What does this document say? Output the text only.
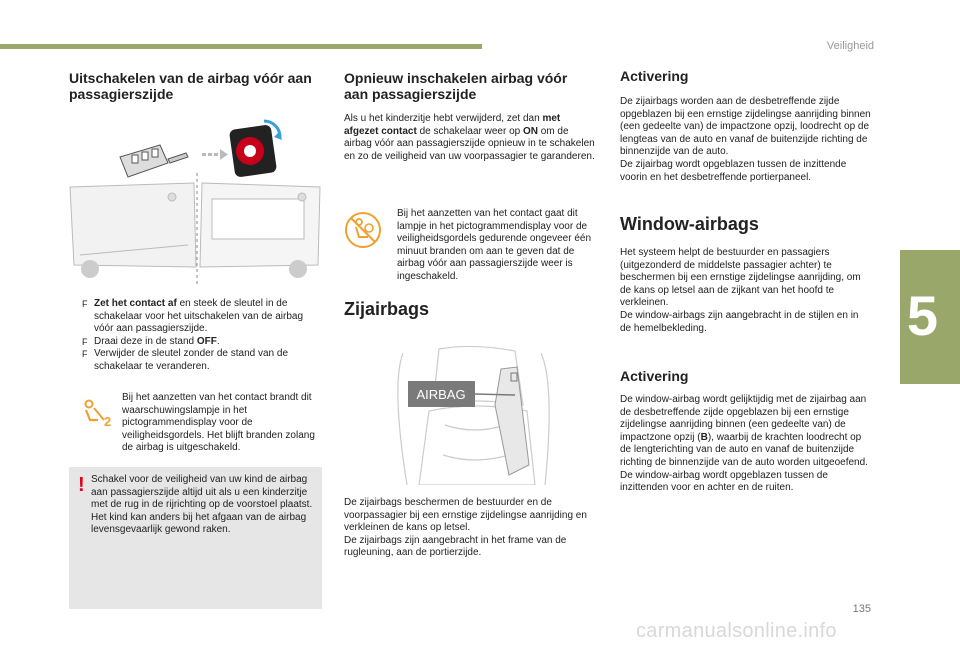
Veiligheid
5
Uitschakelen van de airbag vóór aan passagierszijde
F Zet het contact af en steek de sleutel in de schakelaar voor het uitschakelen van de airbag vóór aan passagierszijde.
F Draai deze in de stand OFF.
F Verwijder de sleutel zonder de stand van de schakelaar te veranderen.
2

Bij het aanzetten van het contact brandt dit waarschuwingslampje in het pictogrammendisplay voor de veiligheidsgordels. Het blijft branden zolang de airbag is uitgeschakeld.

! Schakel voor de veiligheid van uw kind de airbag aan passagierszijde altijd uit als u een kinderzitje met de rug in de rijrichting op de voorstoel plaatst.

Het kind kan anders bij het afgaan van de airbag levensgevaarlijk gewond raken.

Opnieuw inschakelen airbag vóór aan passagierszijde

Als u het kinderzitje hebt verwijderd, zet dan met afgezet contact de schakelaar weer op ON om de airbag vóór aan passagierszijde opnieuw in te schakelen en zo de veiligheid van uw voorpassagier te garanderen.

Bij het aanzetten van het contact gaat dit lampje in het pictogrammendisplay voor de veiligheidsgordels gedurende ongeveer één minuut branden om aan te geven dat de airbag vóór aan passagierszijde weer is ingeschakeld.

Zijairbags
AIRBAG

De zijairbags beschermen de bestuurder en de voorpassagier bij een ernstige zijdelingse aanrijding en verkleinen de kans op letsel.

De zijairbags zijn aangebracht in het frame van de rugleuning, aan de portierzijde.

Activering

De zijairbags worden aan de desbetreffende zijde opgeblazen bij een ernstige zijdelingse aanrijding binnen (een gedeelte van) de impactzone opzij, loodrecht op de lengteas van de auto en vanaf de buitenzijde richting de binnenzijde van de auto.

De zijairbag wordt opgeblazen tussen de inzittende voorin en het desbetreffende portierpaneel.

Window-airbags

Het systeem helpt de bestuurder en passagiers (uitgezonderd de middelste passagier achter) te beschermen bij een ernstige zijdelingse aanrijding, om de kans op letsel aan de zijkant van het hoofd te verkleinen.

De window-airbags zijn aangebracht in de stijlen en in de hemelbekleding.

Activering

De window-airbag wordt gelijktijdig met de zijairbag aan de desbetreffende zijde opgeblazen bij een ernstige zijdelingse aanrijding binnen (een gedeelte van) de impactzone opzij (B), waarbij de krachten loodrecht op de lengterichting van de auto en vanaf de buitenzijde richting de binnenzijde van de auto worden uitgeoefend.

De window-airbag wordt opgeblazen tussen de inzittenden voor en achter en de ruiten.

135
carmanualsonline.info
